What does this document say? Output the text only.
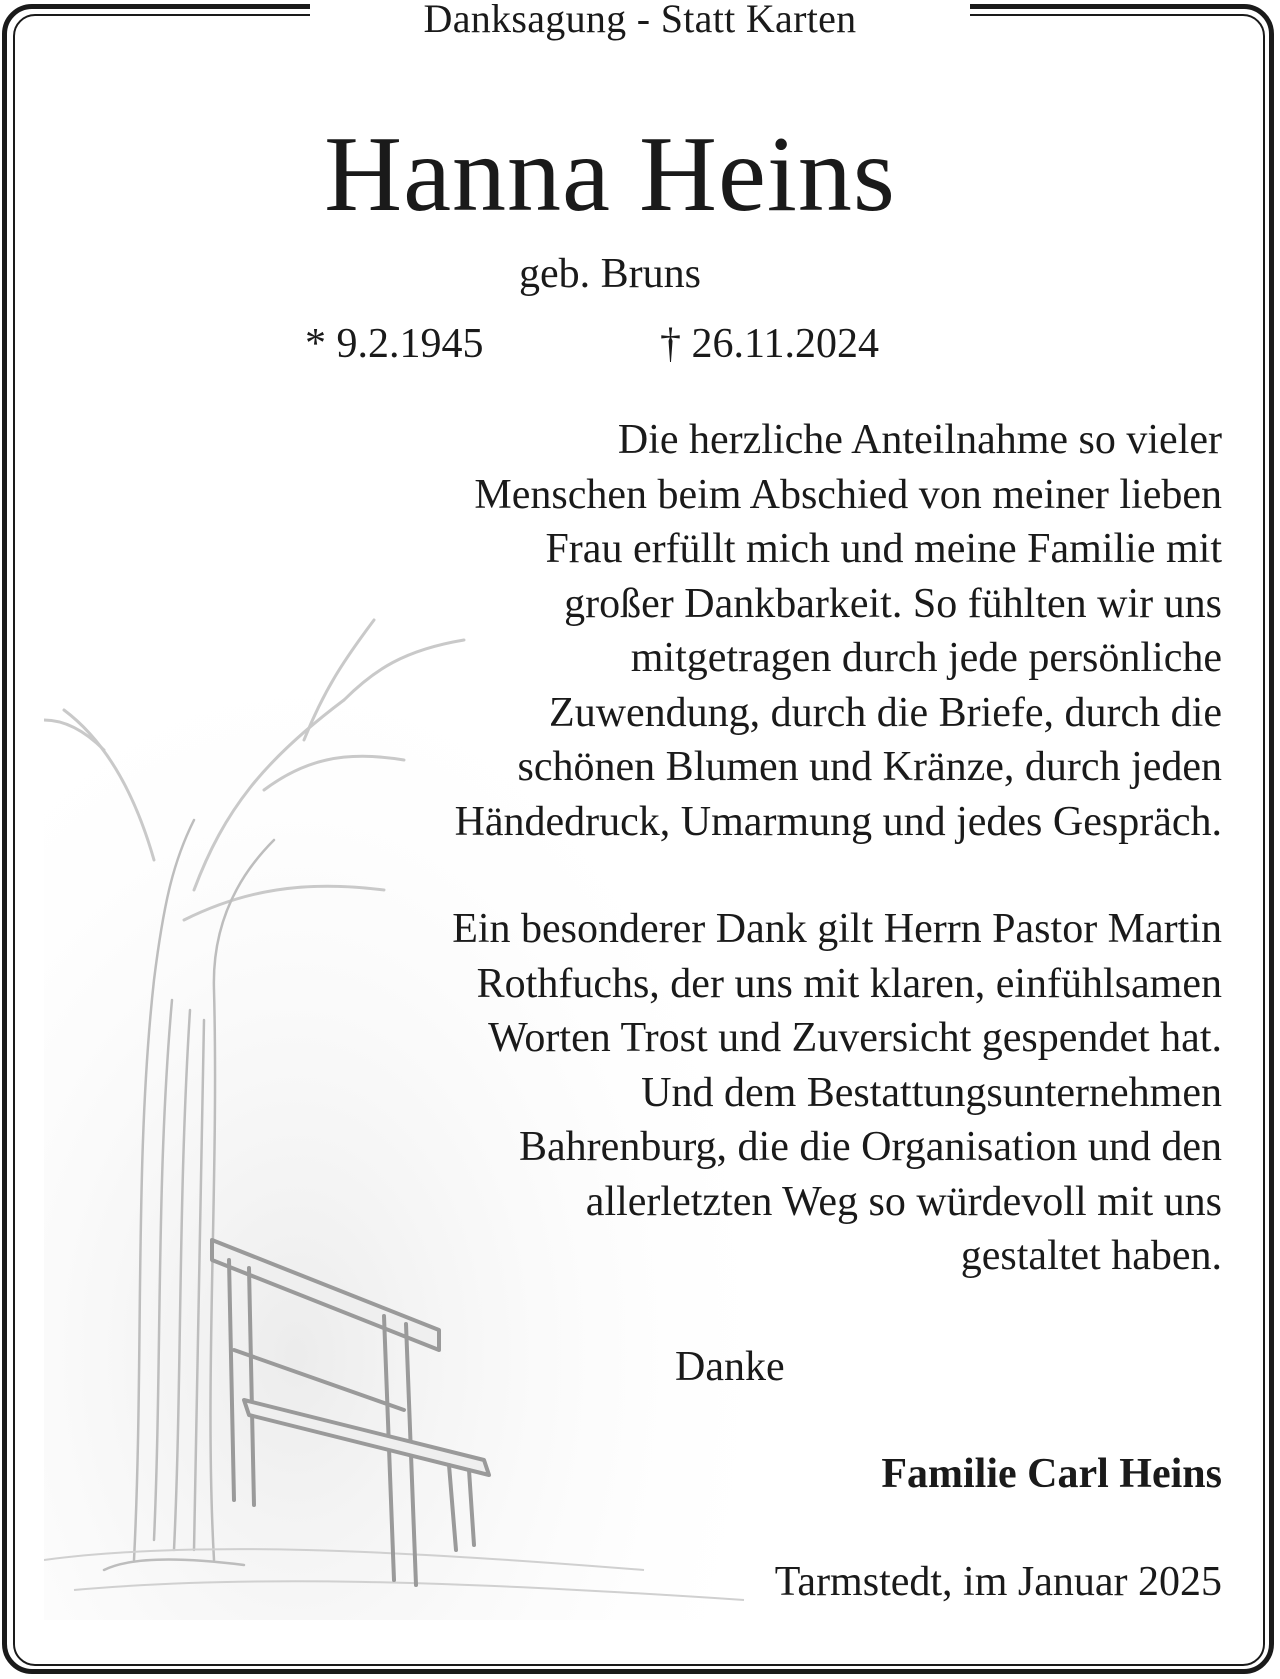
Danksagung - Statt Karten
Hanna Heins
geb. Bruns
* 9.2.1945	† 26.11.2024
Die herzliche Anteilnahme so vieler
Menschen beim Abschied von meiner lieben
Frau erfüllt mich und meine Familie mit
großer Dankbarkeit. So fühlten wir uns
mitgetragen durch jede persönliche
Zuwendung, durch die Briefe, durch die
schönen Blumen und Kränze, durch jeden
Händedruck, Umarmung und jedes Gespräch.
Ein besonderer Dank gilt Herrn Pastor Martin
Rothfuchs, der uns mit klaren, einfühlsamen
Worten Trost und Zuversicht gespendet hat.
Und dem Bestattungsunternehmen
Bahrenburg, die die Organisation und den
allerletzten Weg so würdevoll mit uns
gestaltet haben.
Danke
Familie Carl Heins
Tarmstedt, im Januar 2025
